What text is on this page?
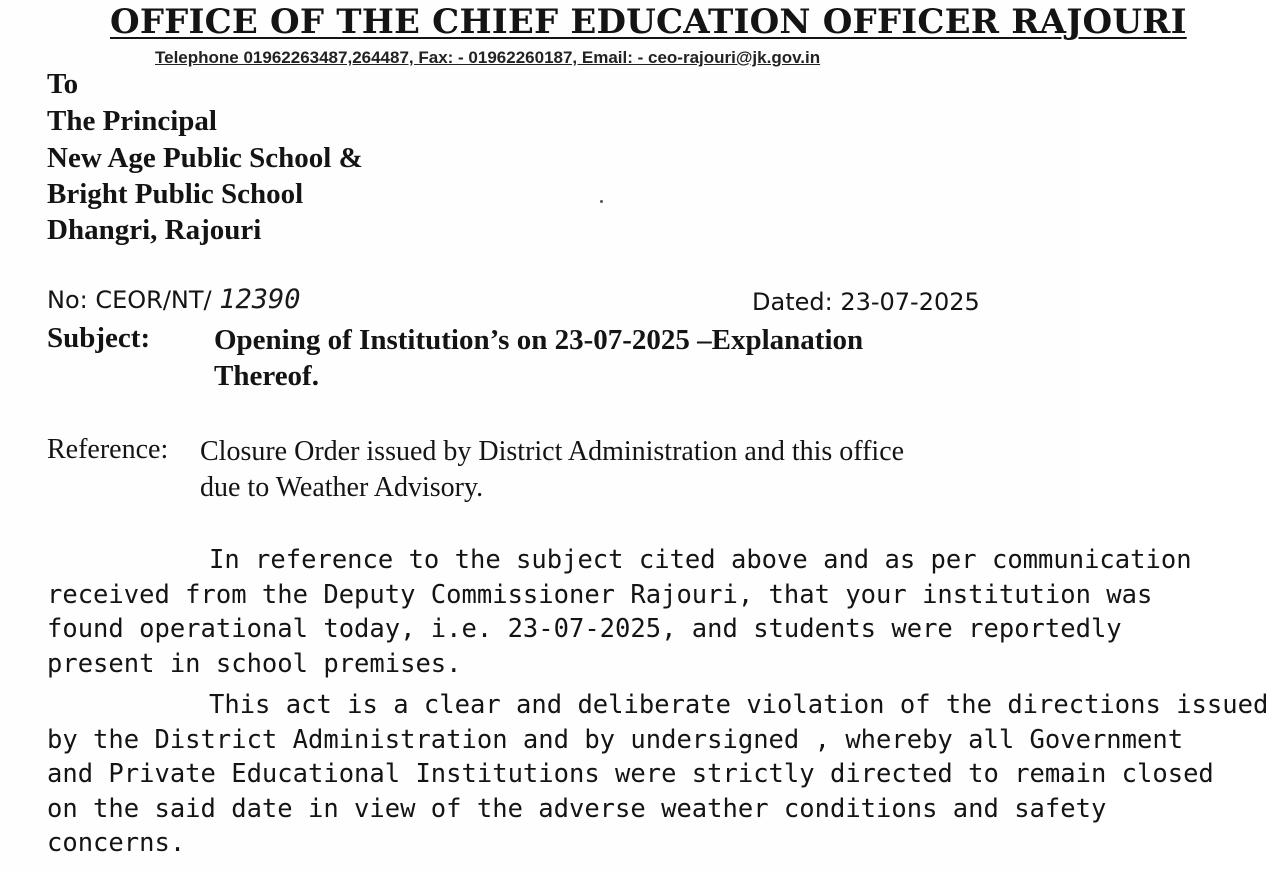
OFFICE OF THE CHIEF EDUCATION OFFICER RAJOURI
Telephone 01962263487,264487, Fax: - 01962260187, Email: - ceo-rajouri@jk.gov.in
To
The Principal
New Age Public School &
Bright Public School
Dhangri, Rajouri
No: CEOR/NT/ 12390	Dated: 23-07-2025
Subject: Opening of Institution’s on 23-07-2025 –Explanation
Thereof.
Reference: Closure Order issued by District Administration and this office
due to Weather Advisory.
In reference to the subject cited above and as per communication
received from the Deputy Commissioner Rajouri, that your institution was
found operational today, i.e. 23-07-2025, and students were reportedly
present in school premises.
This act is a clear and deliberate violation of the directions issued
by the District Administration and by undersigned , whereby all Government
and Private Educational Institutions were strictly directed to remain closed
on the said date in view of the adverse weather conditions and safety
concerns.
